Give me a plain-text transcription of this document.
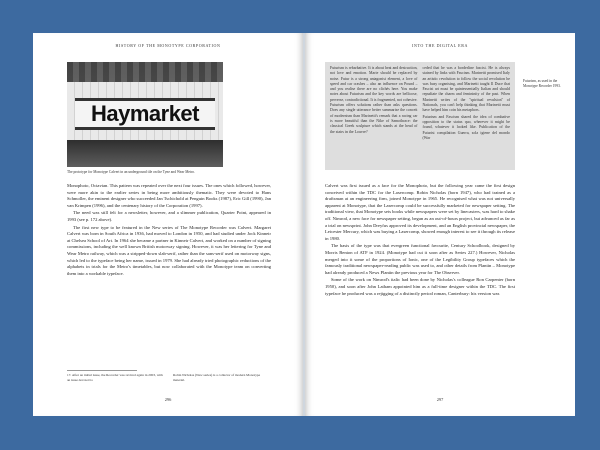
HISTORY OF THE MONOTYPE CORPORATION
Haymarket
The prototype for Monotype Calvert in an underground tile on the Tyne and Wear Metro.

Monophoto, Octavian. This pattern was repeated over the next four issues. The ones which followed, however, were more akin to the earlier series in being more ambitiously thematic. They were devoted to Hans Schmoller, the eminent designer who succeeded Jan Tschichold at Penguin Books (1987), Eric Gill (1990), Jan van Krimpen (1996), and the centenary history of the Corporation (1997).

The need was still felt for a newsletter, however, and a slimmer publication, Quarter Point, appeared in 1993 (see p. 172 above).

The first new type to be featured in the New series of The Monotype Recorder was Calvert. Margaret Calvert was born in South Africa in 1936, had moved to London in 1950, and had studied under Jock Kinneir at Chelsea School of Art. In 1964 she became a partner in Kinneir Calvert, and worked on a number of signing commissions, including the well known British motorway signing. However, it was her lettering for Tyne and Wear Metro railway, which was a stripped-down slab-serif, rather than the sans-serif used on motorway signs, which led to the typeface being her name, issued in 1979. She had already tried photographic reductions of the alphabets in trials for the Metro's timetables, but now collaborated with the Monotype team on converting them into a workable typeface.

17. After an initial issue, the Recorder was revived again in 2003, with an issue devoted to
Robin Nicholas (New series) is a collector of modern Monotype material.
296
INTO THE DIGITAL ERA

Futurism is rebarbative. It is about heat and destruction, not love and emotion. Marie should be replaced by noise. Futur is a strong antagonist element, a love of speed and car crashes – also an influence on Pound – and you realise there are no clichés here. You make notes about Futurism and the key words are bellicose, perverse, contradictional. It is fragmented, not cohesive. Futurism offers solutions rather than asks questions. Does any single utterance better summarise the conceit of modernism than Marinetti's remark that a racing car is more beautiful than the Nike of Samothrace: the classical Greek sculpture which stands at the head of the stairs in the Louvre?

ceded that he was a borderline fascist. He is always stained by links with Fascism. Marinetti promised Italy an artistic revolution to follow the social revolution he was busy organising, and Marinetti taught Il Duce that Fascist art must be quintessentially Italian and should repudiate the charm and femininity of the past. When Marinetti writes of the "spiritual revulsion" of Nationals, you can't help thinking that Marinetti must have helped him coin his metaphors.

Futurism and Fascism shared the idea of combative opposition to the status quo, wherever it might be found, whatever it looked like. Publication of the Futurist compilation Guerra, sola igiene del mondo (War

Futurism, as used in the Monotype Recorder 1993.

Calvert was first issued as a face for the Monophoto, but the following year came the first design conceived within the TDC for the Lasercomp. Robin Nicholas (born 1947), who had trained as a draftsman at an engineering firm, joined Monotype in 1965. He recognised what was not universally apparent at Monotype, that the Lasercomp could be successfully marketed for newspaper setting. The traditional view, that Monotype sets books while newspapers were set by linecasters, was hard to shake off. Nimrod, a new face for newspaper setting, began as an out-of-hours project, but advanced as far as a trial on newsprint. John Dreyfus approved its development, and an English provincial newspaper, the Leicester Mercury, which was buying a Lasercomp, showed enough interest to see it through its release in 1980.

The basis of the type was that evergreen functional favourite, Century Schoolbook, designed by Morris Benton of ATF in 1924. (Monotype had cut it soon after as Series 227.) However, Nicholas merged into it some of the proportions of Ionic, one of the Legibility Group typefaces which the famously traditional newspaper-reading public was used to, and other details from Plantin – Monotype had already produced a News Plantin the previous year for The Observer.

Some of the work on Nimrod's italic had been done by Nicholas's colleague Ron Carpenter (born 1950), and soon after John Latham appointed him as a full-time designer within the TDC. The first typeface he produced was a rejigging of a distinctly period roman, Canterbury: his version was

297
